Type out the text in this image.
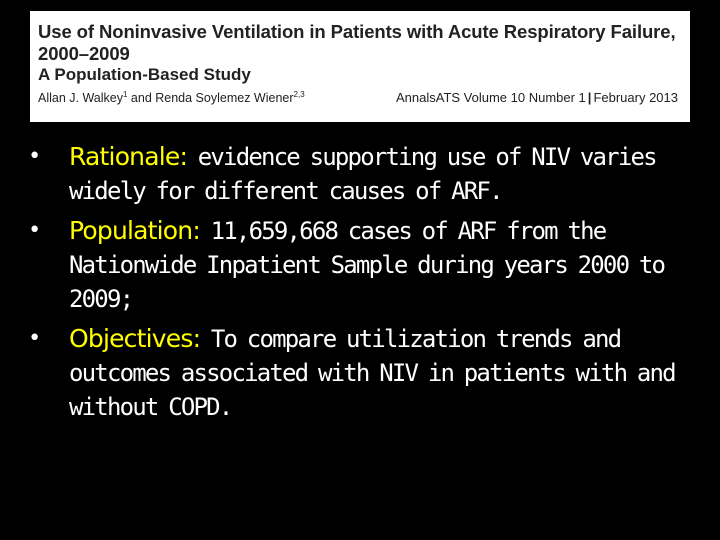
Use of Noninvasive Ventilation in Patients with Acute Respiratory Failure, 2000–2009

A Population-Based Study

Allan J. Walkey$^1$ and Renda Soylemez Wiener$^{2,3}$	AnnalsATS Volume 10 Number 1 | February 2013
• Rationale: evidence supporting use of NIV varies widely for different causes of ARF.
• Population: 11,659,668 cases of ARF from the Nationwide Inpatient Sample during years 2000 to 2009;
• Objectives: To compare utilization trends and outcomes associated with NIV in patients with and without COPD.
